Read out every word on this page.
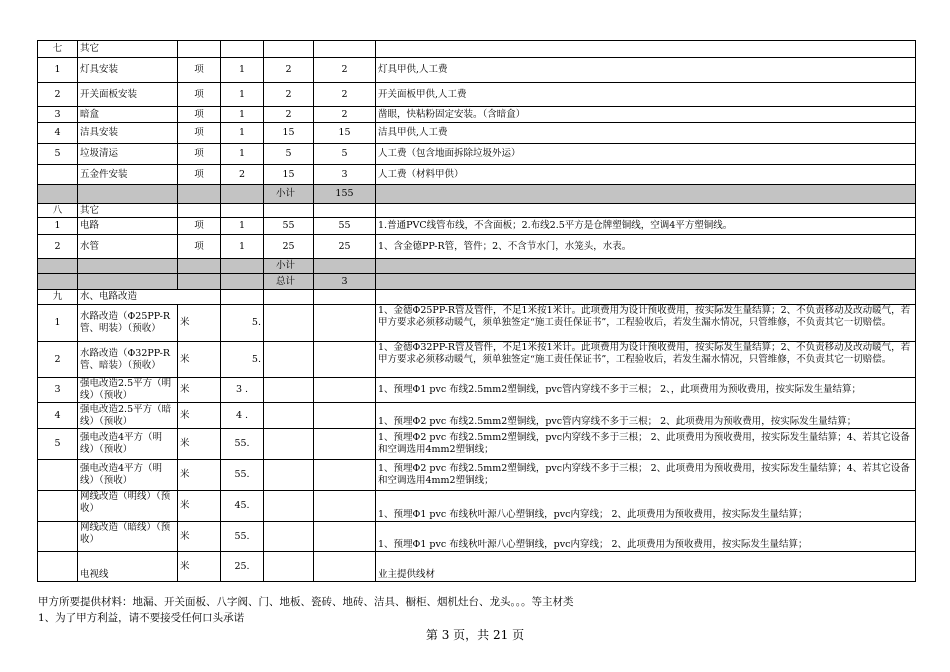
七	其它					
1	灯具安装	项	1	2	2	灯具甲供,人工费
2	开关面板安装	项	1	2	2	开关面板甲供,人工费
3	暗盒	项	1	2	2	凿眼，快粘粉固定安装。（含暗盒）
4	洁具安装	项	1	15	15	洁具甲供,人工费
5	垃圾清运	项	1	5	5	人工费（包含地面拆除垃圾外运）
	五金件安装	项	2	15	3	人工费（材料甲供）
				小计	155	
八	其它					
1	电路	项	1	55	55	1.普通PVC线管布线，不含面板；2.布线2.5平方是仓牌塑铜线，空调4平方塑铜线。
2	水管	项	1	25	25	1、含金德PP-R管，管件；2、不含节水门，水笼头，水表。
				小计		
				总计	3	
九	水、电路改造					
1	水路改造（Φ25PP-R管、明装）（预收）	米	5.			1、金德Φ25PP-R管及管件，不足1米按1米计。此项费用为设计预收费用，按实际发生量结算；2、不负责移动及改动暖气，若甲方要求必须移动暖气，须单独签定“施工责任保证书”，工程验收后，若发生漏水情况，只管维修，不负责其它一切赔偿。
2	水路改造（Φ32PP-R管、暗装）（预收）	米	5.			1、金德Φ32PP-R管及管件，不足1米按1米计。此项费用为设计预收费用，按实际发生量结算；2、不负责移动及改动暖气，若甲方要求必须移动暖气，须单独签定“施工责任保证书”，工程验收后，若发生漏水情况，只管维修，不负责其它一切赔偿。
3	强电改造2.5平方（明线）（预收）	米	3 .			1、预埋Φ1 pvc 布线2.5mm2塑铜线，pvc管内穿线不多于三根； 2、，此项费用为预收费用，按实际发生量结算；
4	强电改造2.5平方（暗线）（预收）	米	4 .			1、预埋Φ2 pvc 布线2.5mm2塑铜线，pvc管内穿线不多于三根； 2、此项费用为预收费用，按实际发生量结算；
5	强电改造4平方（明线）（预收）	米	55.			1、预埋Φ2 pvc 布线2.5mm2塑铜线，pvc内穿线不多于三根； 2、此项费用为预收费用，按实际发生量结算；4、若其它设备和空调选用4mm2塑铜线；
	强电改造4平方（明线）（预收）	米	55.			1、预埋Φ2 pvc 布线2.5mm2塑铜线，pvc内穿线不多于三根； 2、此项费用为预收费用，按实际发生量结算；4、若其它设备和空调选用4mm2塑铜线；
	网线改造（明线）（预收）	米	45.			1、预埋Φ1 pvc 布线秋叶源八心塑铜线，pvc内穿线； 2、此项费用为预收费用，按实际发生量结算；
	网线改造（暗线）（预收）	米	55.			1、预埋Φ1 pvc 布线秋叶源八心塑铜线，pvc内穿线； 2、此项费用为预收费用，按实际发生量结算；
	电视线	米	25.			业主提供线材
甲方所要提供材料：地漏、开关面板、八字阀、门、地板、瓷砖、地砖、洁具、橱柜、烟机灶台、龙头。。。等主材类
1、为了甲方利益，请不要接受任何口头承诺
第 3 页，共 21 页
